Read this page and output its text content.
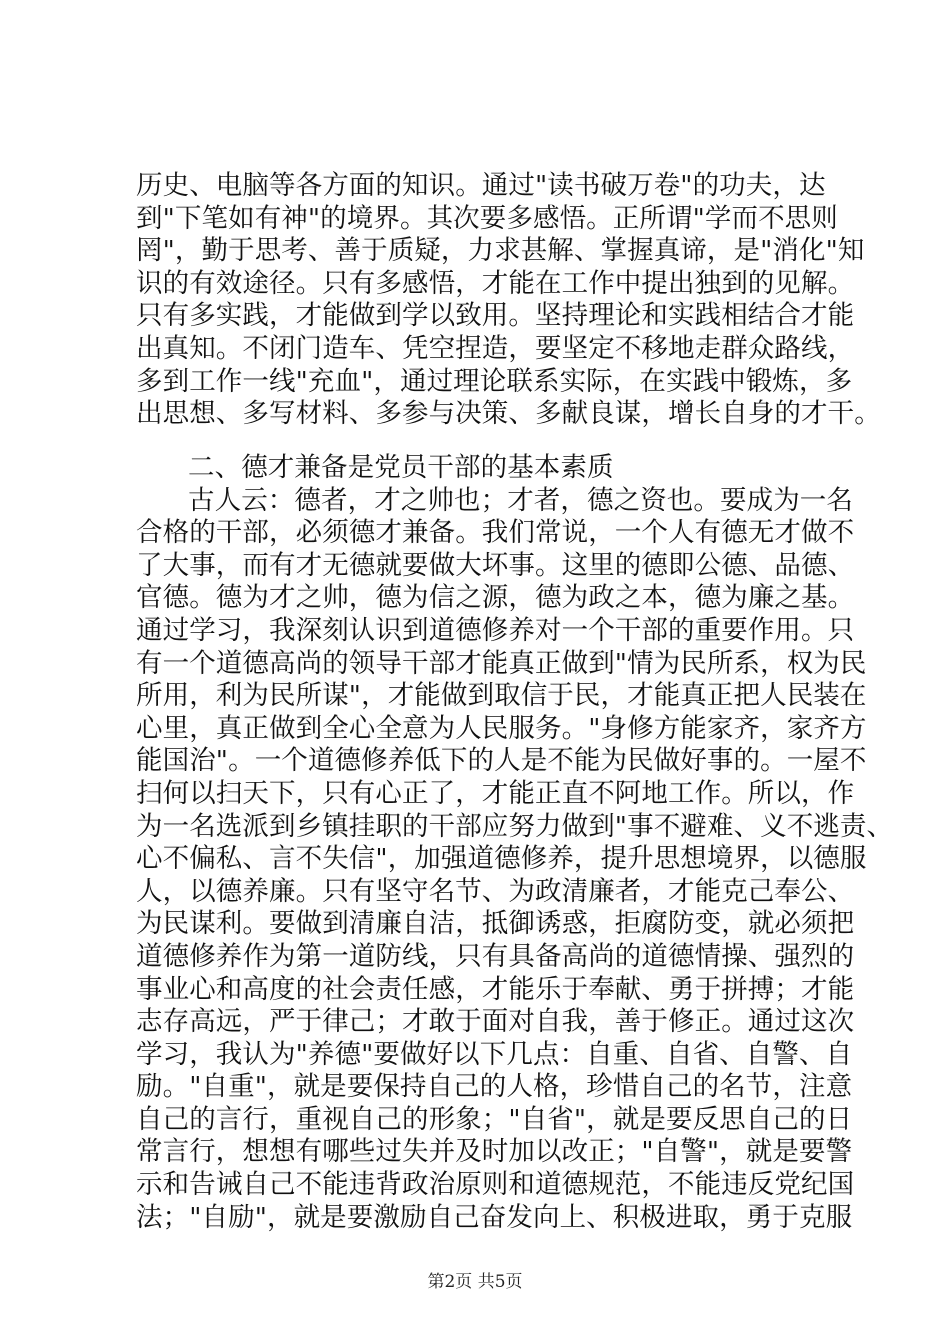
历史、电脑等各方面的知识。通过"读书破万卷"的功夫，达
到"下笔如有神"的境界。其次要多感悟。正所谓"学而不思则
罔"，勤于思考、善于质疑，力求甚解、掌握真谛，是"消化"知
识的有效途径。只有多感悟，才能在工作中提出独到的见解。
只有多实践，才能做到学以致用。坚持理论和实践相结合才能
出真知。不闭门造车、凭空捏造，要坚定不移地走群众路线，
多到工作一线"充血"，通过理论联系实际，在实践中锻炼，多
出思想、多写材料、多参与决策、多献良谋，增长自身的才干。
二、德才兼备是党员干部的基本素质
古人云：德者，才之帅也；才者，德之资也。要成为一名
合格的干部，必须德才兼备。我们常说，一个人有德无才做不
了大事，而有才无德就要做大坏事。这里的德即公德、品德、
官德。德为才之帅，德为信之源，德为政之本，德为廉之基。
通过学习，我深刻认识到道德修养对一个干部的重要作用。只
有一个道德高尚的领导干部才能真正做到"情为民所系，权为民
所用，利为民所谋"，才能做到取信于民，才能真正把人民装在
心里，真正做到全心全意为人民服务。"身修方能家齐，家齐方
能国治"。一个道德修养低下的人是不能为民做好事的。一屋不
扫何以扫天下，只有心正了，才能正直不阿地工作。所以，作
为一名选派到乡镇挂职的干部应努力做到"事不避难、义不逃责、
心不偏私、言不失信"，加强道德修养，提升思想境界，以德服
人，以德养廉。只有坚守名节、为政清廉者，才能克己奉公、
为民谋利。要做到清廉自洁，抵御诱惑，拒腐防变，就必须把
道德修养作为第一道防线，只有具备高尚的道德情操、强烈的
事业心和高度的社会责任感，才能乐于奉献、勇于拼搏；才能
志存高远，严于律己；才敢于面对自我，善于修正。通过这次
学习，我认为"养德"要做好以下几点：自重、自省、自警、自
励。"自重"，就是要保持自己的人格，珍惜自己的名节，注意
自己的言行，重视自己的形象；"自省"，就是要反思自己的日
常言行，想想有哪些过失并及时加以改正；"自警"，就是要警
示和告诫自己不能违背政治原则和道德规范，不能违反党纪国
法；"自励"，就是要激励自己奋发向上、积极进取，勇于克服
第2页 共5页
